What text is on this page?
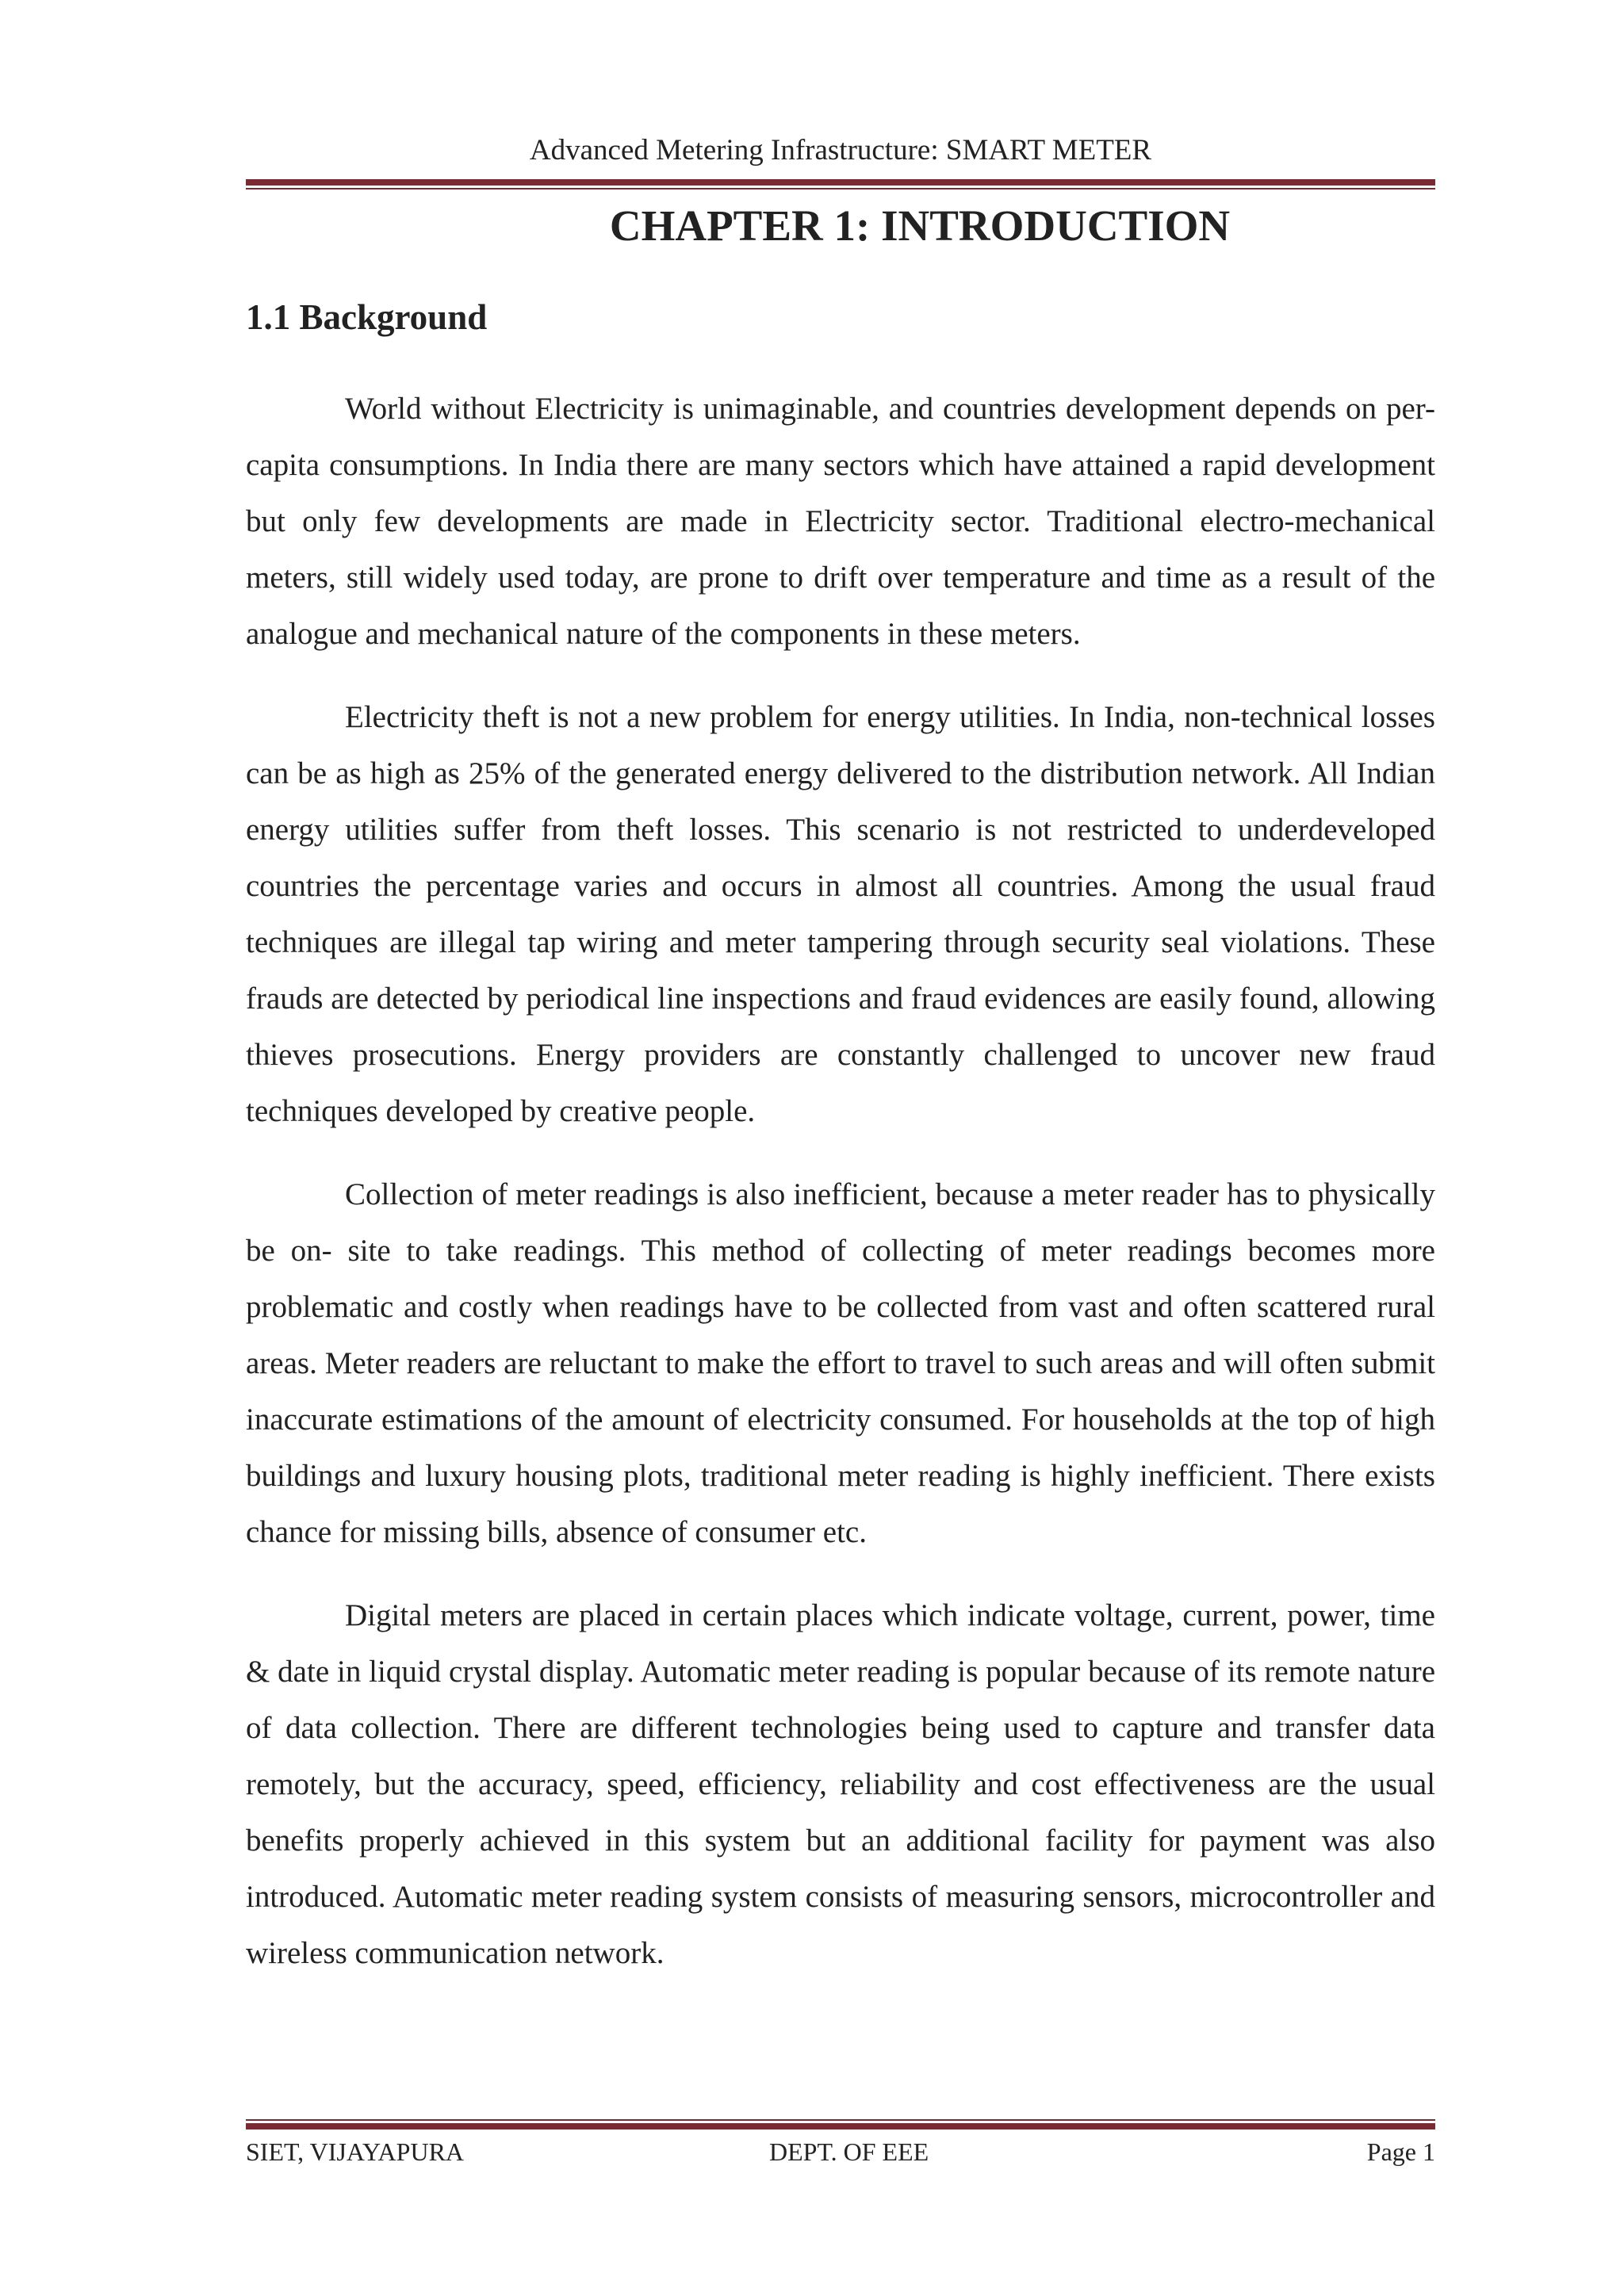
Advanced Metering Infrastructure: SMART METER
CHAPTER 1: INTRODUCTION
1.1 Background

World without Electricity is unimaginable, and countries development depends on per-capita consumptions. In India there are many sectors which have attained a rapid development but only few developments are made in Electricity sector. Traditional electro-mechanical meters, still widely used today, are prone to drift over temperature and time as a result of the analogue and mechanical nature of the components in these meters.

Electricity theft is not a new problem for energy utilities. In India, non-technical losses can be as high as 25% of the generated energy delivered to the distribution network. All Indian energy utilities suffer from theft losses. This scenario is not restricted to underdeveloped countries the percentage varies and occurs in almost all countries. Among the usual fraud techniques are illegal tap wiring and meter tampering through security seal violations. These frauds are detected by periodical line inspections and fraud evidences are easily found, allowing thieves prosecutions. Energy providers are constantly challenged to uncover new fraud techniques developed by creative people.

Collection of meter readings is also inefficient, because a meter reader has to physically be on- site to take readings. This method of collecting of meter readings becomes more problematic and costly when readings have to be collected from vast and often scattered rural areas. Meter readers are reluctant to make the effort to travel to such areas and will often submit inaccurate estimations of the amount of electricity consumed. For households at the top of high buildings and luxury housing plots, traditional meter reading is highly inefficient. There exists chance for missing bills, absence of consumer etc.

Digital meters are placed in certain places which indicate voltage, current, power, time & date in liquid crystal display. Automatic meter reading is popular because of its remote nature of data collection. There are different technologies being used to capture and transfer data remotely, but the accuracy, speed, efficiency, reliability and cost effectiveness are the usual benefits properly achieved in this system but an additional facility for payment was also introduced. Automatic meter reading system consists of measuring sensors, microcontroller and wireless communication network.

SIET, VIJAYAPURA	DEPT. OF EEE	Page 1
